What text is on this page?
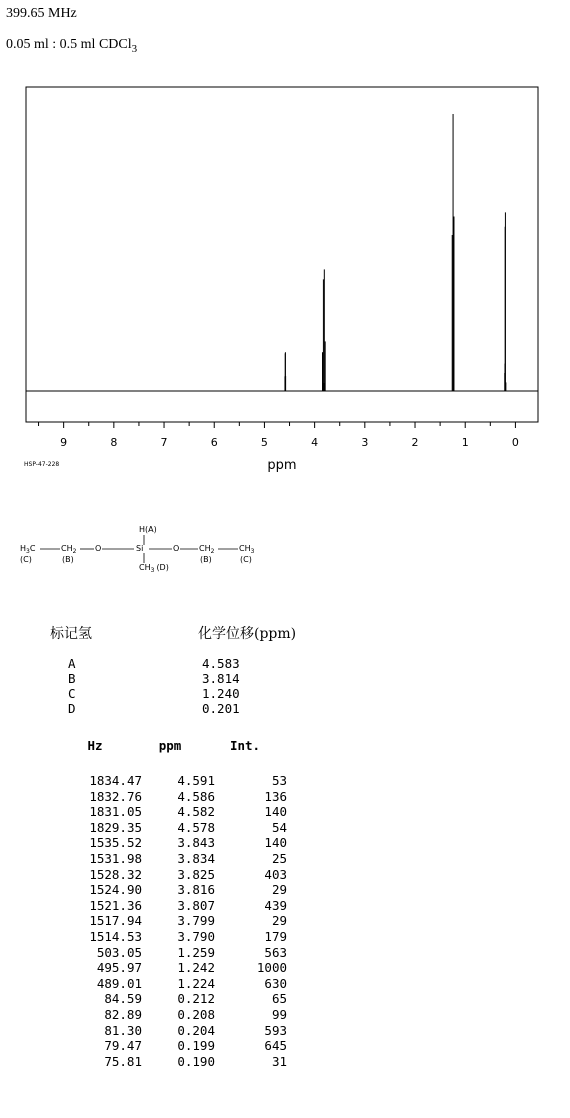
399.65 MHz
0.05 ml : 0.5 ml CDCl$_3$
9	8	7	6	5	4	3	2	1	0
ppm
HSP-47-228
H(A)
$H_3C$	$CH_2$ O	Si	O $CH_2$	$CH_3$
$CH_3$ (D)
(C)	(B)	(B)	(C)
标记氢	化学位移(ppm)
A	4.583
B	3.814
C	1.240
D	0.201
Hz	ppm	Int.
1834.47	4.591	53
1832.76	4.586	136
1831.05	4.582	140
1829.35	4.578	54
1535.52	3.843	140
1531.98	3.834	25
1528.32	3.825	403
1524.90	3.816	29
1521.36	3.807	439
1517.94	3.799	29
1514.53	3.790	179
503.05	1.259	563
495.97	1.242	1000
489.01	1.224	630
84.59	0.212	65
82.89	0.208	99
81.30	0.204	593
79.47	0.199	645
75.81	0.190	31
